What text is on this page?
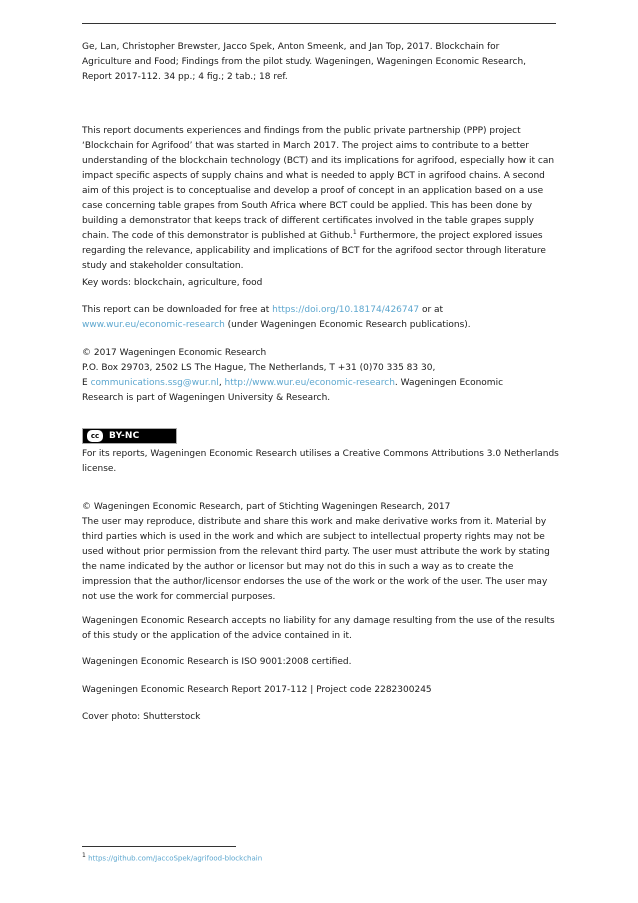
Ge, Lan, Christopher Brewster, Jacco Spek, Anton Smeenk, and Jan Top, 2017. Blockchain for

Agriculture and Food; Findings from the pilot study. Wageningen, Wageningen Economic Research,

Report 2017-112. 34 pp.; 4 fig.; 2 tab.; 18 ref.

This report documents experiences and findings from the public private partnership (PPP) project ‘Blockchain for Agrifood’ that was started in March 2017. The project aims to contribute to a better understanding of the blockchain technology (BCT) and its implications for agrifood, especially how it can impact specific aspects of supply chains and what is needed to apply BCT in agrifood chains. A second aim of this project is to conceptualise and develop a proof of concept in an application based on a use case concerning table grapes from South Africa where BCT could be applied. This has been done by building a demonstrator that keeps track of different certificates involved in the table grapes supply chain. The code of this demonstrator is published at Github.$^1$ Furthermore, the project explored issues regarding the relevance, applicability and implications of BCT for the agrifood sector through literature study and stakeholder consultation.

Key words: blockchain, agriculture, food

This report can be downloaded for free at https://doi.org/10.18174/426747 or at
www.wur.eu/economic-research (under Wageningen Economic Research publications).

© 2017 Wageningen Economic Research

P.O. Box 29703, 2502 LS The Hague, The Netherlands, T +31 (0)70 335 83 30,

E communications.ssg@wur.nl, http://www.wur.eu/economic-research. Wageningen Economic

Research is part of Wageningen University & Research.

cc	BY-NC

For its reports, Wageningen Economic Research utilises a Creative Commons Attributions 3.0 Netherlands license.

© Wageningen Economic Research, part of Stichting Wageningen Research, 2017

The user may reproduce, distribute and share this work and make derivative works from it. Material by third parties which is used in the work and which are subject to intellectual property rights may not be used without prior permission from the relevant third party. The user must attribute the work by stating the name indicated by the author or licensor but may not do this in such a way as to create the impression that the author/licensor endorses the use of the work or the work of the user. The user may not use the work for commercial purposes.

Wageningen Economic Research accepts no liability for any damage resulting from the use of the results of this study or the application of the advice contained in it.

Wageningen Economic Research is ISO 9001:2008 certified.

Wageningen Economic Research Report 2017-112 | Project code 2282300245

Cover photo: Shutterstock

1 https://github.com/JaccoSpek/agrifood-blockchain
